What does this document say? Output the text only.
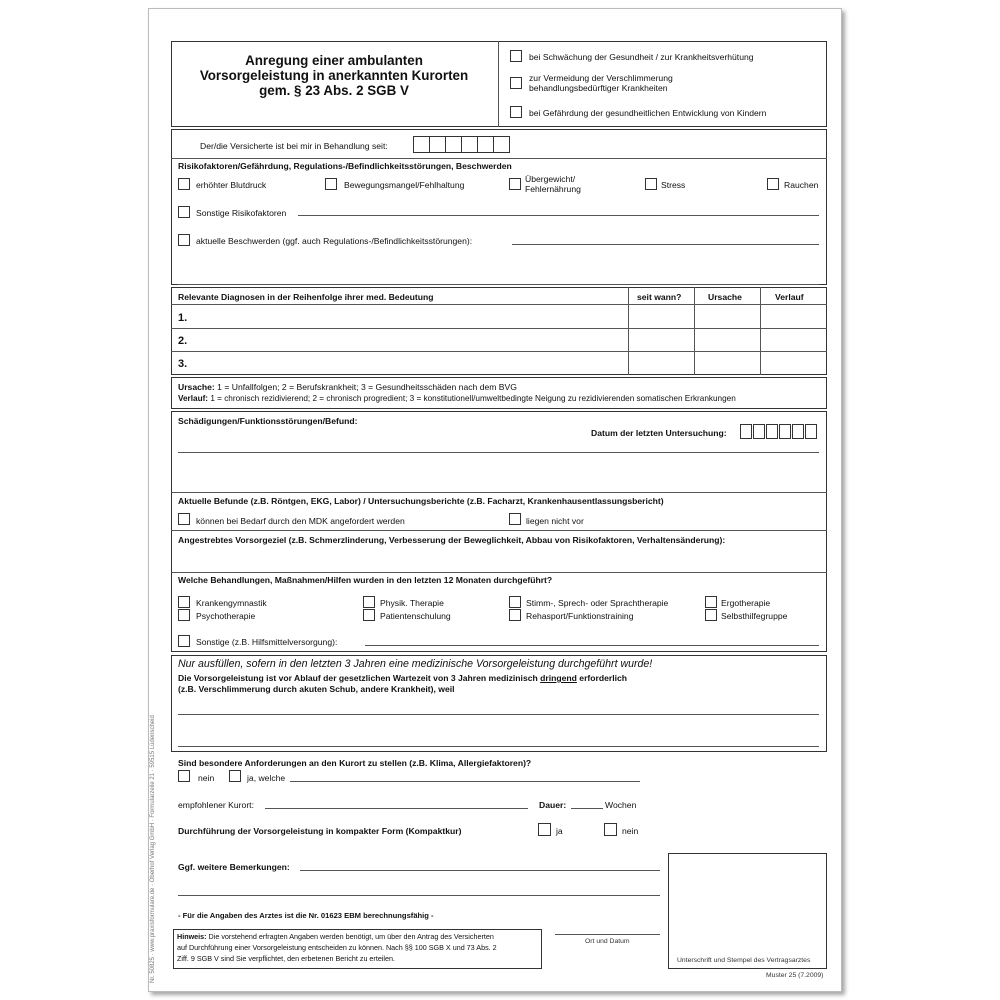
Anregung einer ambulanten
Vorsorgeleistung in anerkannten Kurorten
gem. § 23 Abs. 2 SGB V
bei Schwächung der Gesundheit / zur Krankheitsverhütung
zur Vermeidung der Verschlimmerung
behandlungsbedürftiger Krankheiten
bei Gefährdung der gesundheitlichen Entwicklung von Kindern
Der/die Versicherte ist bei mir in Behandlung seit:
Risikofaktoren/Gefährdung, Regulations-/Befindlichkeitsstörungen, Beschwerden
erhöhter Blutdruck	Bewegungsmangel/Fehlhaltung
Übergewicht/
Fehlernährung	Stress	Rauchen
Sonstige Risikofaktoren
aktuelle Beschwerden (ggf. auch Regulations-/Befindlichkeitsstörungen):
Relevante Diagnosen in der Reihenfolge ihrer med. Bedeutung	seit wann?	Ursache	Verlauf
1.
2.
3.
Ursache: 1 = Unfallfolgen; 2 = Berufskrankheit; 3 = Gesundheitsschäden nach dem BVG
Verlauf: 1 = chronisch rezidivierend; 2 = chronisch progredient; 3 = konstitutionell/umweltbedingte Neigung zu rezidivierenden somatischen Erkrankungen
Schädigungen/Funktionsstörungen/Befund:
Datum der letzten Untersuchung:
Aktuelle Befunde (z.B. Röntgen, EKG, Labor) / Untersuchungsberichte (z.B. Facharzt, Krankenhausentlassungsbericht)
können bei Bedarf durch den MDK angefordert werden	liegen nicht vor
Angestrebtes Vorsorgeziel (z.B. Schmerzlinderung, Verbesserung der Beweglichkeit, Abbau von Risikofaktoren, Verhaltensänderung):
Welche Behandlungen, Maßnahmen/Hilfen wurden in den letzten 12 Monaten durchgeführt?
Krankengymnastik
Psychotherapie
Physik. Therapie
Patientenschulung
Stimm-, Sprech- oder Sprachtherapie
Rehasport/Funktionstraining
Ergotherapie
Selbsthilfegruppe
Sonstige (z.B. Hilfsmittelversorgung):
Nur ausfüllen, sofern in den letzten 3 Jahren eine medizinische Vorsorgeleistung durchgeführt wurde!
Die Vorsorgeleistung ist vor Ablauf der gesetzlichen Wartezeit von 3 Jahren medizinisch dringend erforderlich
(z.B. Verschlimmerung durch akuten Schub, andere Krankheit), weil
Sind besondere Anforderungen an den Kurort zu stellen (z.B. Klima, Allergiefaktoren)?
nein	ja, welche
empfohlener Kurort:	Dauer:	Wochen
Durchführung der Vorsorgeleistung in kompakter Form (Kompaktkur)	ja	nein
Ggf. weitere Bemerkungen:
- Für die Angaben des Arztes ist die Nr. 01623 EBM berechnungsfähig -
Unterschrift und Stempel des Vertragsarztes
Muster 25 (7.2009)
Ort und Datum
Hinweis: Die vorstehend erfragten Angaben werden benötigt, um über den Antrag des Versicherten
auf Durchführung einer Vorsorgeleistung entscheiden zu können. Nach §§ 100 SGB X und 73 Abs. 2
Ziff. 9 SGB V sind Sie verpflichtet, den erbetenen Bericht zu erteilen.
Nr. 50825 · www.praxisformulare.de · Oberhof Verlag GmbH · Formularzeile 21 · 59515 Lüdenscheid
